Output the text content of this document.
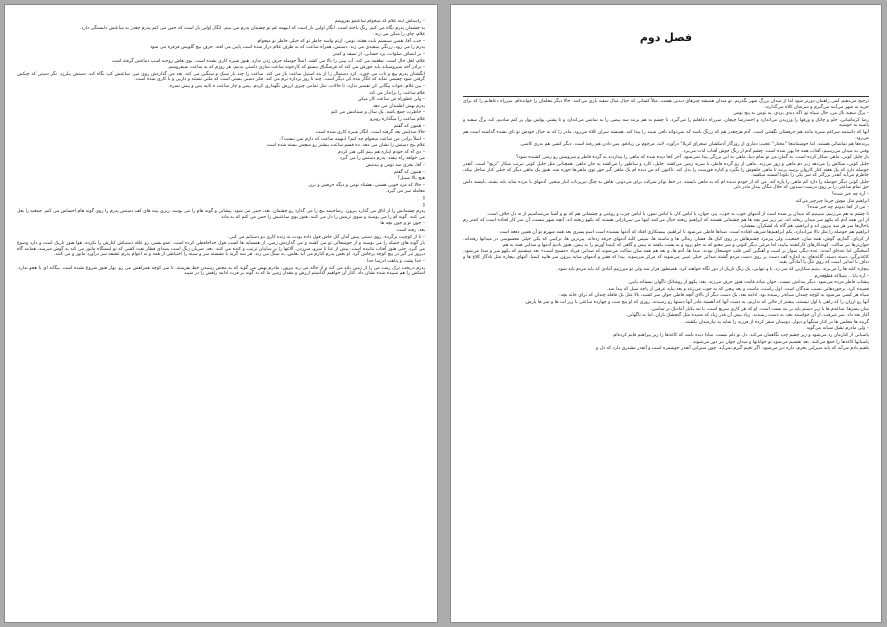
– راستاش اینه غلام که میخوام ساعتمو بفروشم

به چشمان پدرم نگاه می کنم. رنگ باخته است. انگار اولین بار است که اینهمه غم تو چشمان پدرم می بینم. انگار اولین بار است که حس می کنم پدرم چقدر به ساعتش دلبستگی دارد.

غلام، چای را میکن می زند.

– خب، آقا، همین سیستم بابت هفته، تومن. ازتم واسه خاطر تو که خیلی خاطر تو میخوام

پدرم را می رود، زرنگی سفیدی می زند. دستش، همراه ساعت که به طرف غلام دراز شده است پایین می افتد. حرف بیچ گلویش قرقره می شود

– بر انصاف صلوات، برد حسابی، از نصف و کمتر

غلام، اهل حال است. تطعمه می کند. آب بینی را بالا می کشد. اصلاً حوصله حرف زدن ندارد. هنوز شیره کاری نشده است. بوی هاش روحیه اسپ دماغش گرفته است

– برادر آخه سیروسیاند باید جورش می کند که فرشگیاق بیستو که کارخونه ساعت سازی داشتی بدنیم. هر روزم که به ساعت نمیفروشم.

انگشتان پدرم پیچ و تاب می خورد. کرد دستمال را از بند استیل ساعت باز می کند. ساعت را چند بار سبک و سنگین می کند. بعد می گذاردش روی میز. ساعتش کپ نگاه کند. دستش بیلرزد. نگر دستی که چیکش گرفتن شود چشمی نماید که انگار بنده کی دیگر است. چند تا روز پردازه نرم می کند. فکر دشتی بستی است که ملتی نستند و داریی و با کاری شده است.

– بین غلام، جواب بیگانی کن نقصیر ندارد. تا حالات، مثل تمامی چیزی ارزش نگهداری کردم. بیس و چار ساعت ه ثانیه پس و پیش نمیره.

غلام ساعت را برانداز می کند

– ولی غطوراه من ساعت کار میکن

پدرم بهش اطمینان می دهد

– خاطرت جمع باشه. یک سال و ضمانتش می کنم

غلام ساعت را میگذاره روبرو

– همون که گفتم

حالا صدایش بعد گرفته است. انگار شیره کاری شده است

– اصلاً برادر، من ساعت میخوام چه کنم؟ اینهمه ساعت که دارم بس نیست؟..

غلام بیخ دستش را نشان می دهد. ده قسم ساعت بیشتر رو میچش بسته شده است

– دی آه که خودم ایناره هم بینم کلی هنر کردم

می خواهد راه بیفتد. پدرم دستش را می گیرد

– آقا، بخری صد تومن و بیدمش

– همون که گفتم

هیچ بالا سبیل؟

– حالا که مرد خوبی هستی، هشتاد تومن و دیگه حرفش و نزن

معامله سر می گیرد.

▯

▯

پدرم چشمانش را از اتاق می گذارد بیرون. رضاخیمه بیچ را می گذارد رو چشمان. بعد، خمی می شود. پیشانی و گونه هام را می بوسد. زبری پیته های کف دستش پدرم را روی گونه هام احساس می کنم. جمعیه را بغل می کنند. گونه ام را می بوسند و سوی ترمش را دل می کنند. هنوز بوی ساعتیش را حس می کنم که به ماند

– جون تو و جون بچه ها

بعد، رفته است.

– تا از کوچیت برگرده. روی دستی پیش آمان آتل خاش قول داده بودت به زنده کاری دو دستانم می کنی.

باز گونه های جمیله را می بوسند و از خوشحالی تو می کشند و می گذاردش زمین. از همسایه ها کسب قول خداحافظی کرده است. عمو بشیر، رو علله دستیاش کنارش را نکرده، هوا هنوز تاریک است و دارد وضوع می گیرد. حتی هنوز آفتاب نتابیده است. پیش از عبا تا سرو، سرزدن. آلاغها را پر ساییان ترتیب و کنده می کنند. بعد، ضربان زنگ است بصدای قطار نفت کشی که تو ایستگاه ماتور می کند به گوش میرسد، همانند گاه دیروز تیر گیر در پیچ کوچه پرخاش گرد. او بغض پدرم کنارم می آید بغلش، به سنگ می زند. هر سه گربه با نشسته سر و سینه را احتیاطی از همه و به اعوام پدرم عشقه سر درآورد ماتور و می کنند.

– خدا پشت و پناهت ادرسا خدا

پدرم دربخت ترک رمت من را از زمین بلند می کند و از خاله می زند بیرون. مادرم بهش می گوید که به محض رسیدن خط بفرستد. تا سر کوچه همراهش می رو. بهار هنوز شروع نشده است. بیگانه ای با هجو ندارد. اشکش را هم سپیده شده نشان داد. کنار آن خواهیم گذاشتم ارزش و مقدار زمین ما که بد گونه بر فرت ادامه راهش را در سپید

فصل دوم

ترجیح می‌دهیم کمی راهمان دورتر شود اما از میدان بزرگ شهر بگذریم. تو میدان همیشه چیزهای دیدنی هست. مثلاً کسانی که خیال مبال سفید بازی می‌کنند. حالا دیگر معلمان را خوانده‌ام. سرراه دعاهایم را که برای خرید به شهر می‌آیند می‌گیرم و سرشان کلاه می‌گذارند.

– برگ سفید بال من، خال سیاه تو، اگه دیدی بردی. یه تومن به پنج تومن

رضا کرماشانی، جلو و چانک و ورقها را ورزیدن می‌اندازد و احمدرضا چیچان. سرراه دعاهایم را می‌گیرد. تا چشم به هم بزنند سه بیضی را به شانس می‌اندازد و تا پشتی پولش پول پر کنم شادیم، کند برگ سفید و پاشید به خوشیه

آنها که داستمه سراغم شیره مانند هم حرفشان نگفتتی است. آدم هرچقدر هم که زرنگ باشد که نمی‌تواند تاقی شنید را پیدا کند. همیشه سران کلاه می‌رود. مادر را که به خیال خودش تو تای نشده گذاشته است هم می‌رود.

پرنده‌ها هم تماشائی هستند. اما خوشماینجا "مختار" عجیب دماری از روزگار آدمکشان صحرای کربلا" درآورد. لابد، مرحوم بن زیادقو، پس دادن هم رفته است. دیگر کسی هم بدری کاشی.

وقتی به میدان می‌رسیم، آفتاب همه جا پهن شده است. چشم آدم از رنگ خوش آفتاب لذت می‌برد.

باز جلیل کوتی، ماهی شکار کرده است. به گمان من تو تمام دنیا، ماهی به این بزرگی پیدا نمی‌شود. آخر کجا دیده شده که ماهی را پیداردند به گرده قاطر و سرومش رو زمین کشیده شود؟

جلیل کوتی، شکاش را می‌دهد زیر دم ماهی و زور می‌زند. ماهی از رو گرده قاطر، با سرید زمین می‌کشد. جلیل، کارد و ساطور را می‌کشد به جان ماهی. همچنانی مثل جلیل کوتی تیرتب شکار "تریچ" است. آنقدر حوصله دارد که یک هفته کنار کاروان برسد برنید تا ماهی حلفوش را بگیرد و کناره فورست را بدل کند. تاکنون که من دیده ام یک ماهی گیر جور توی ماهی‌ها خوره شد. هنوز یک ماهی دیگر که خیلی کنار ساحل بپکد، خاطرم می‌آید آنقدر بزرگتر که سر یکی را تکوتا آمسته میکشد.

جلیل کوتی دیگر حوصله را دارد کم ماهی را پاره کند. من که از خودم ندیده ام که به ماهی بایستد. در خط نوکر شرکت برای می‌دونی. هاش به چنگ تیرپرتاب انبار میخیر. آدمهای یا مرده شاید بلند بشند، بایستد دلش حق تمام ساعتی را بر روی درست سیدون که حلال مگان بیدار مادر دلی

– آره چه خبر شده؟

ابراهیم مثل موش خرما چیزچیز می‌کند

– من از کجا بدونم چه خبر شده؟

تا چشم به هم می‌زنیم، میبینیم که میدان پر شده است از آدمهای خوب به جوب. پیر، جوان، با لباس کار، با لباس نمور، با لباس چرب و روغنی و چشمانی هم که تو و آشنا می‌شناسیم از ته دل خلاف است.

از این همه آدم که یکهو سر میدان ریخته اند، تیر زیر سر بچه ها هم چشمانی هستند که ابراهیم ریخته خیال می‌کنند اینها بین سربازانی هستند که بکهو ریخته اند. آنچه شهر نیست، آن سر کار افتاده است که کمتر رم باحال‌ها سر هر سه بیرون اند و ابراهیم، هم گاه یاد لشکرآن بیفشارد.

ابراهیم هم حوصله را مثل بالا می‌اندازد، یکم ابراهیم‌ها شریف افتاده است. صداها فاطی می‌شود تا ابراهیم، بیستکاری افتاد که آدمها بشنیده است اسم پسری بعد همه شهرم تو آن همین دفعه است

از کرنای، گمارم، گوش، همه شان، جمعیت، ولی پیرمرد چشم‌هاش بر روی کیک ها، فشار، رمالی ها و ماسته ها، سپس کلیه آدمهای جرقه زده‌اند. پیر‌ترین ها، ترکیبی که یکی خیلی محسوسی در میدانها رفته‌اند. جوان‌ترها نیز ساکت. کهنه‌کارهای کارکشته بیایید، اما مرغی دیگر کنونی و سر مخنو که به جلو برود و به پشت بکشد به پیش و گاهی که کیمیا آوریم را به پیش. هنوز بادیم آدمها و صدایی همه به هم.

آمیختگی اما عده‌ای آمدند. عده دیگر، سوار بر اسب و آهنگین کمی قلب خوشحال بودند. صدا ها، آدم ها، و بعد هم همه شان ساکت می‌شوند که صدایی فریاد «مسیح است» بعد میشنیم که بکهو سر و صدا می‌شود. کاغذبرگی، دسته دسته، گاغذهای به اندازه کف دست بر روی دست مردم گشته صدائی خیلی غیبی می‌شوند که مرکز میرسوند. پیدا که فقیر و آدمهای سایه بیرون سر هایپه کیمیا. آنتهای بیچاره مثل بادگار کلاع ها و نداف با ابدایی است که روی تنگ پا آمادگی بقیه.

بیچاره کلیه ها را می‌برند. ببنیم سکارین که سر زد، با و تنهایی، یک زنگ تاریک از دور نگاه خواهند کرد. همینطور قرار شد ولی تو میرزتیم آمادی که باید مردم باید شود.

– آره بابا... شیلاکه قطع‌قد‌رم

پیشاپ قاطر مرده می‌شود. دیگر پیدانش نیست. جوان میانه قامت هنوز حرف می‌زند. بعد، یکهو از روشانک ناگهان نیستانه پایین.

قصیده کرد. برخوردهایی نصیب شدگان است. اول راست، ماست و بعد پیچی که به جوب می‌زنند و بعد بیاید عرفی از پاچه سیل که پیدا شد.

سیاه هر کسی می‌شود به کوچه چمدان سیاه‌تر رسیده بود. ادامه بعد، یک دست دیگر از بالای آنچه فاطی جوان سر کشید، بالا مثل یک قافله چندان که برای خانه بچه.

آنها رو ارزان را که راهی با اول نیستند، بیشتر از حالی که نداریم، به دست آنها که آهسته مادر آنها دستها رو رسیدند. روزی که او پنج شب و چهارده ساعتی با زیر لب ها و سر ها پارش.

میان پسرها. ساعدم ها با زیر دستم باید بر بند بست است. او که هر کاری سریع است، با تند یکبار آمادیک تر شانس.

آغاز بعد داد. سر میرفت، از آن خواستند بعد، به دست رسیدند. زیاد پیش آن قدر زیاد که شنیده مثل گنجشک باران، اما نه ناگهانی.

گزینه ها مجلس ها در کنار سنگها و دیوار. دوستان سفر کرده از فرزند را شاید به نیازمندان بکشند.

– ولی مادرم تشک شبانه می‌گوید

پاسبانی از کنارمان رد می‌شود و زیر چشم چپ نگاهمان می‌کند. دل تو دلم نیست. مبادا دیده باشد که کاغذها را زیر پیراهنم قایم کرده‌ام.

پاسبانها کاغذها را جمع می‌کنند. بعد تقسیم می‌شود تو خوابانها و میدان جوان نیز دور می‌شوند.

بلقیم یادم می‌آید که باید سیرابی بخرم. داره دیر می‌شود. اگر تجیم گیرم نمی‌آید. چون سیرابی آنقدر خوشمزه است و آنقدر مشتری دارد که دل و
